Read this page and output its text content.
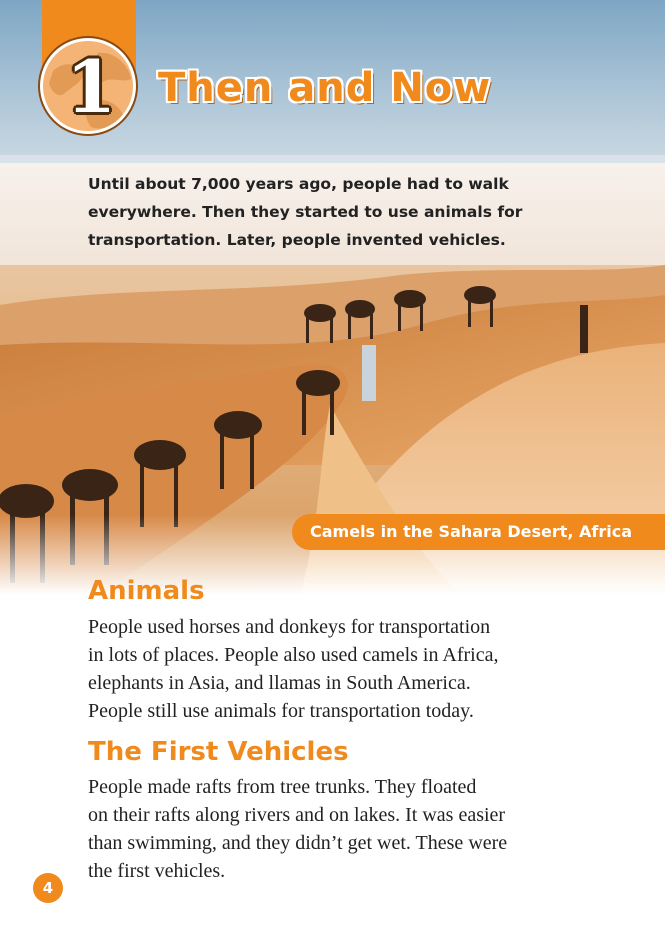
1	Then and Now
Until about 7,000 years ago, people had to walk
everywhere. Then they started to use animals for
transportation. Later, people invented vehicles.
Camels in the Sahara Desert, Africa
Animals
People used horses and donkeys for transportation
in lots of places. People also used camels in Africa,
elephants in Asia, and llamas in South America.
People still use animals for transportation today.
The First Vehicles
People made rafts from tree trunks. They floated
on their rafts along rivers and on lakes. It was easier
than swimming, and they didn’t get wet. These were
the first vehicles.
4
